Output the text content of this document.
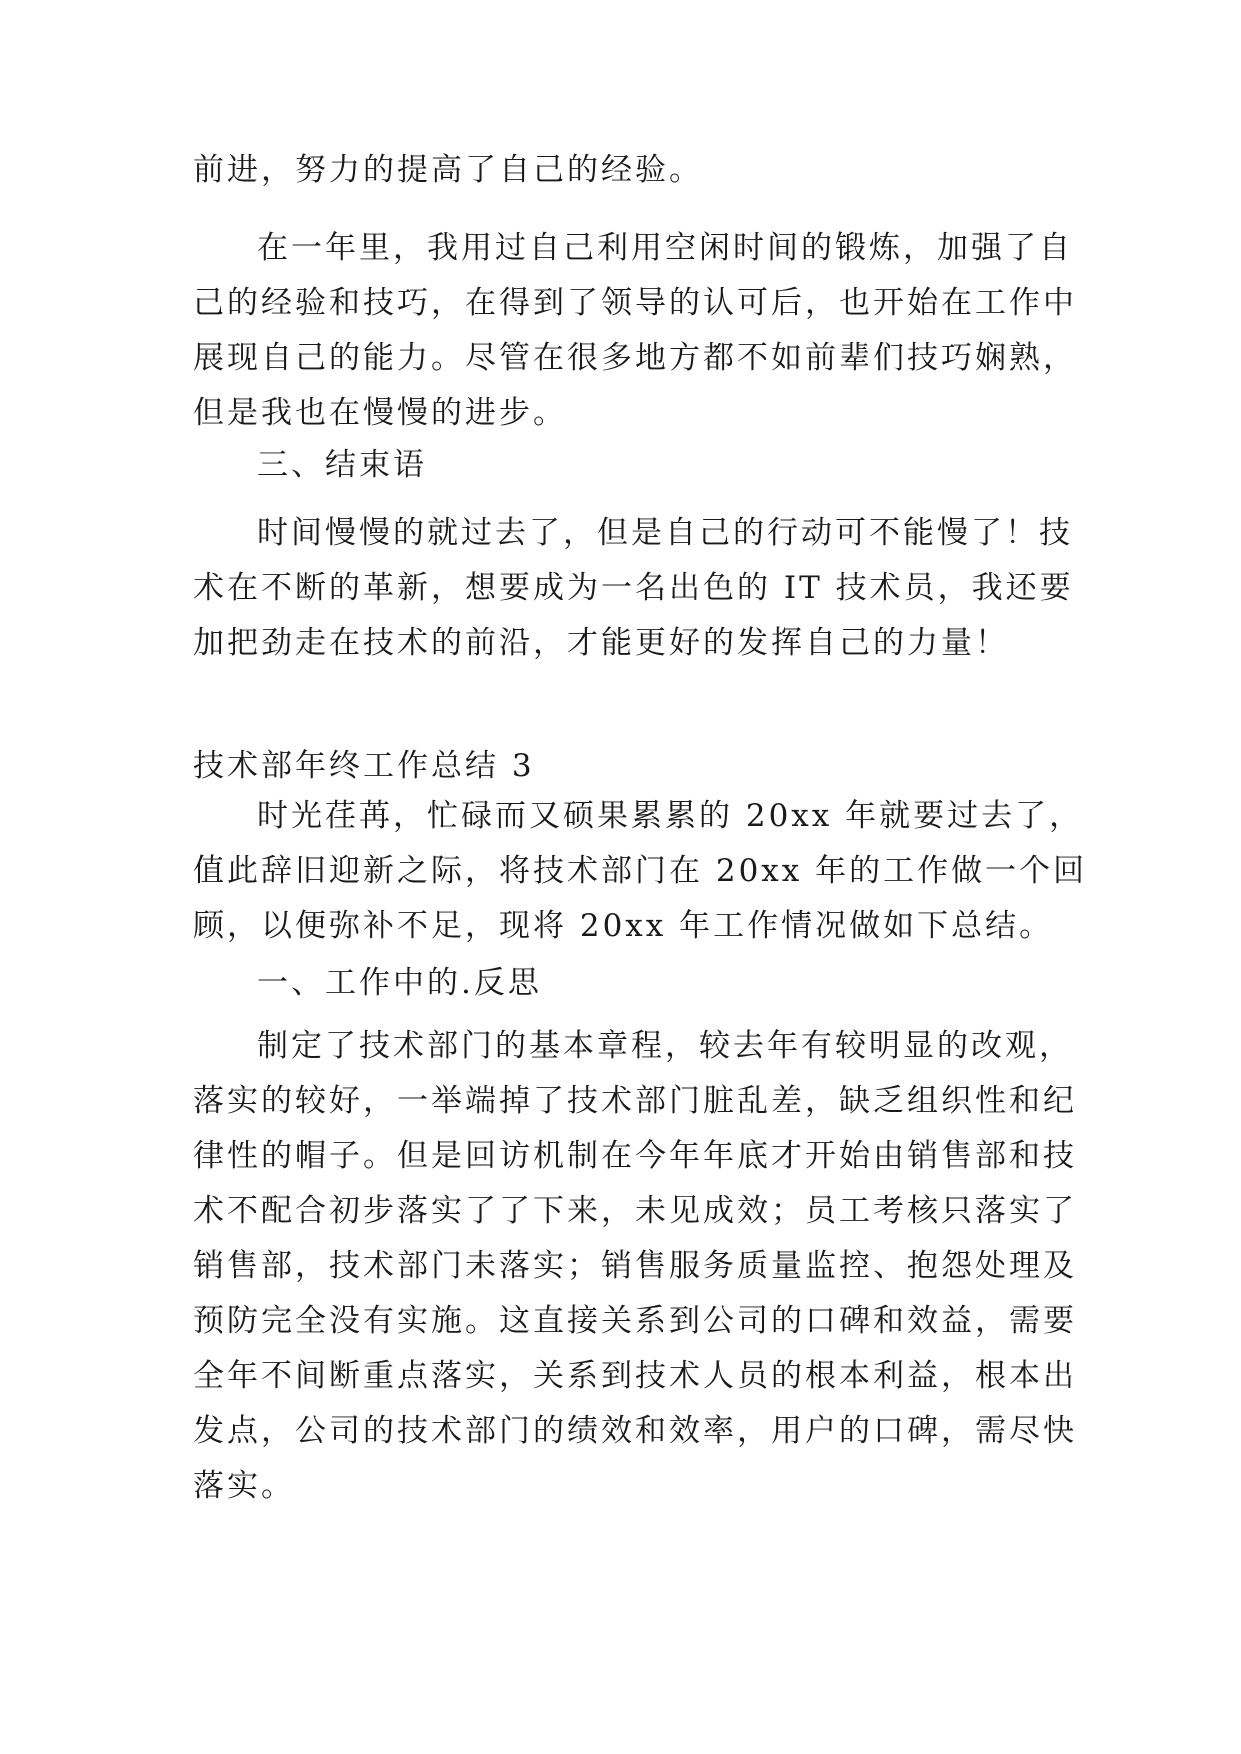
前进，努力的提高了自己的经验。
在一年里，我用过自己利用空闲时间的锻炼，加强了自
己的经验和技巧，在得到了领导的认可后，也开始在工作中
展现自己的能力。尽管在很多地方都不如前辈们技巧娴熟，
但是我也在慢慢的进步。
三、结束语
时间慢慢的就过去了，但是自己的行动可不能慢了！技
术在不断的革新，想要成为一名出色的 IT 技术员，我还要
加把劲走在技术的前沿，才能更好的发挥自己的力量！
技术部年终工作总结 3
时光荏苒，忙碌而又硕果累累的 20xx 年就要过去了，
值此辞旧迎新之际，将技术部门在 20xx 年的工作做一个回
顾，以便弥补不足，现将 20xx 年工作情况做如下总结。
一、工作中的.反思
制定了技术部门的基本章程，较去年有较明显的改观，
落实的较好，一举端掉了技术部门脏乱差，缺乏组织性和纪
律性的帽子。但是回访机制在今年年底才开始由销售部和技
术不配合初步落实了了下来，未见成效；员工考核只落实了
销售部，技术部门未落实；销售服务质量监控、抱怨处理及
预防完全没有实施。这直接关系到公司的口碑和效益，需要
全年不间断重点落实，关系到技术人员的根本利益，根本出
发点，公司的技术部门的绩效和效率，用户的口碑，需尽快
落实。
